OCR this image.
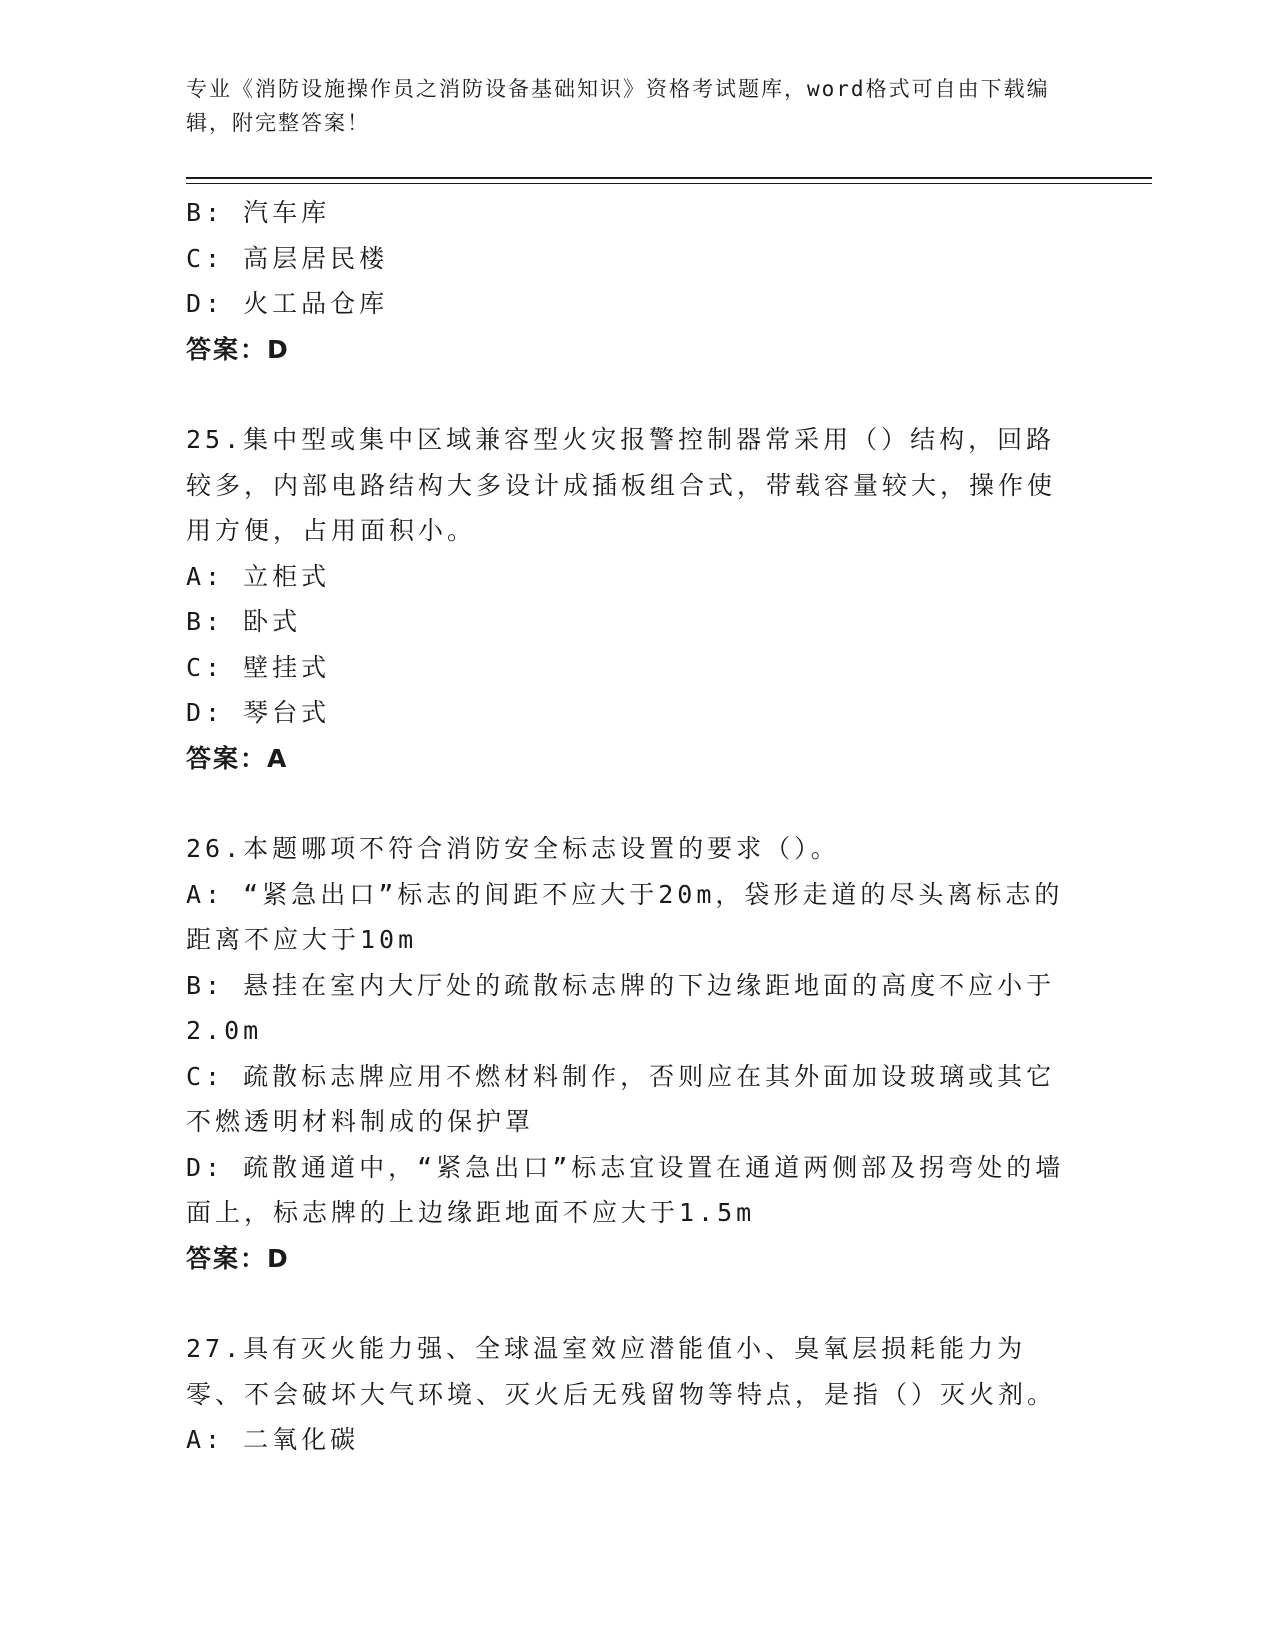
专业《消防设施操作员之消防设备基础知识》资格考试题库，word格式可自由下载编辑，附完整答案！
B: 汽车库
C: 高层居民楼
D: 火工品仓库
答案：D
25.集中型或集中区域兼容型火灾报警控制器常采用（）结构，回路较多，内部电路结构大多设计成插板组合式，带载容量较大，操作使用方便，占用面积小。
A: 立柜式
B: 卧式
C: 壁挂式
D: 琴台式
答案：A
26.本题哪项不符合消防安全标志设置的要求（）。
A: “紧急出口”标志的间距不应大于20m，袋形走道的尽头离标志的距离不应大于10m
B: 悬挂在室内大厅处的疏散标志牌的下边缘距地面的高度不应小于2.0m
C: 疏散标志牌应用不燃材料制作，否则应在其外面加设玻璃或其它不燃透明材料制成的保护罩
D: 疏散通道中，“紧急出口”标志宜设置在通道两侧部及拐弯处的墙面上，标志牌的上边缘距地面不应大于1.5m
答案：D
27.具有灭火能力强、全球温室效应潜能值小、臭氧层损耗能力为零、不会破坏大气环境、灭火后无残留物等特点，是指（）灭火剂。
A: 二氧化碳
